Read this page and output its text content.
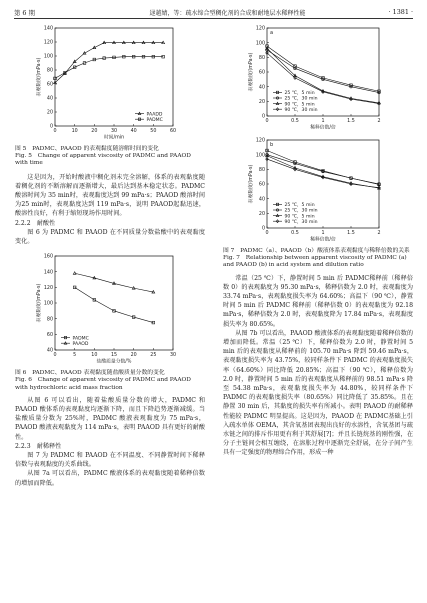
第 6 期	逯越婧，等：疏水缔合型稠化剂的合成和耐地层水稀释性能	· 1381 ·
0	10	20	30	40	50	60
0
20
40
60
80
100
120
140
时间/min
表观黏度/(mPa·s)
PAADD
PADMC

图 5　PADMC、PAAOD 的表观黏度随溶解时间的变化
Fig. 5　Change of apparent viscosity of PADMC and PAAOD with time

这是因为，开始时酸液中稠化剂未完全溶解，体系的表观黏度随着稠化剂的不断溶解而逐渐增大，最后达到基本稳定状态。PADMC 酸溶时间为 35 min时，表观黏度达到 99 mPa·s；PAAOD 酸溶时间为25 min时，表观黏度达到 119 mPa·s，说明 PAAOD起黏迅速，酸溶性良好，有利于缩短现场作用时间。

2.2.2　耐酸性

图 6 为 PADMC 和 PAAOD 在不同质量分数盐酸中的表观黏度变化。

0	5	10	15	20	25	30
40
60
80
100
120
140
160
盐酸质量分数/%
表观黏度/(mPa·s)
PADMC
PAAOD

图 6　PADMC、PAAOD 表观黏度随盐酸质量分数的变化
Fig. 6　Change of apparent viscosity of PADMC and PAAOD with hydrochloric acid mass fraction

从图 6 可以看出，随着盐酸质量分数的增大，PADMC 和 PAAOD 酸体系的表观黏度均逐渐下降，而且下降趋势逐渐减缓。当盐酸质量分数为 25%时，PADMC 酸液表观黏度为 75 mPa·s，PAAOD 酸液表观黏度为 114 mPa·s，表明 PAAOD 具有更好的耐酸性。

2.2.3　耐稀释性

图 7 为 PADMC 和 PAAOD 在不同温度、不同静置时间下稀释倍数与表观黏度的关系曲线。

从图 7a 可以看出，PADMC 酸液体系的表观黏度随着稀释倍数的增加而降低。

0	0.5	1	1.5	2
0
20
40
60
80
100
120
稀释倍数/倍
表观黏度/(mPa·s)
a
25 ℃，5 min
25 ℃，30 min
90 ℃，5 min
90 ℃，30 min
0	0.5	1	1.5	2
0
20
40
60
80
100
120
稀释倍数/倍
表观黏度/(mPa·s)
b
25 ℃，5 min
25 ℃，30 min
90 ℃，5 min
90 ℃，30 min

图 7　PADMC（a）、PAAOD（b）酸液体系表观黏度与稀释倍数的关系
Fig. 7　Relationship between apparent viscosity of PADMC (a) and PAAOD (b) in acid system and dilution ratio

常温（25 ℃）下，静置时间 5 min 后 PADMC稀释前（稀释倍数 0）的表观黏度为 95.30 mPa·s，稀释倍数为 2.0 时，表观黏度为 33.74 mPa·s，表观黏度损失率为 64.60%；高温下（90 ℃），静置时间 5 min 后 PADMC 稀释前（稀释倍数 0）的表观黏度为 92.18 mPa·s，稀释倍数为 2.0 时，表观黏度降为 17.84 mPa·s，表观黏度损失率为 80.65%。

从图 7b 可以看出，PAAOD 酸液体系的表观黏度随着稀释倍数的增加而降低。常温（25 ℃）下，稀释倍数为 2.0 时，静置时间 5 min 后的表观黏度从稀释前的 105.70 mPa·s 降到 59.46 mPa·s，表观黏度损失率为 43.75%，较同样条件下 PADMC 的表观黏度损失率（64.60%）同比降低 20.85%；高温下（90 ℃），稀释倍数为 2.0 时，静置时间 5 min 后的表观黏度从稀释前的 98.51 mPa·s 降至 54.38 mPa·s，表观黏度损失率为 44.80%，较同样条件下 PADMC 的表观黏度损失率（80.65%）同比降低了 35.85%。且在静置 30 min 后，其黏度的损失率有所减小。表明 PAAOD 的耐稀释性能较 PADMC 明显提高。这是因为，PAAOD 在 PADMC基础上引入疏水单体 OEMA，其含氧基团表现出良好的水溶性，含氧基团与疏水链之间的排斥作用更有利于其舒展[?]；并且长链烷基的刚性强，在分子主链间会相互缠绕，在溶胀过程中逐渐完全舒展，在分子间产生具有一定强度的物理缔合作用，形成一种
